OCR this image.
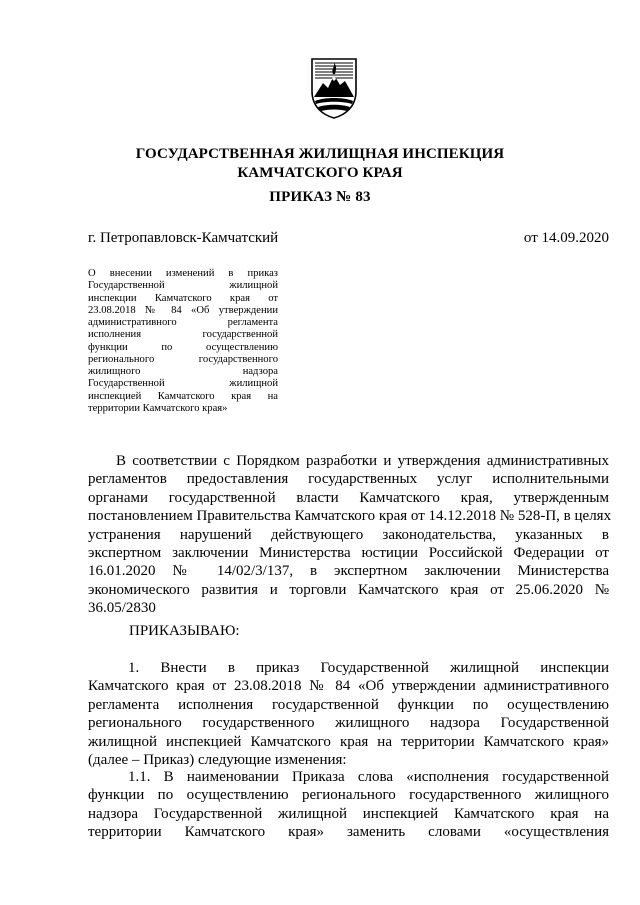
ГОСУДАРСТВЕННАЯ ЖИЛИЩНАЯ ИНСПЕКЦИЯ
КАМЧАТСКОГО КРАЯ
ПРИКАЗ № 83
г. Петропавловск-Камчатский	от 14.09.2020
О внесении изменений в приказ
Государственной жилищной
инспекции Камчатского края от
23.08.2018 № 84 «Об утверждении
административного регламента
исполнения государственной
функции по осуществлению
регионального государственного
жилищного надзора
Государственной жилищной
инспекцией Камчатского края на
территории Камчатского края»
В соответствии с Порядком разработки и утверждения административных
регламентов предоставления государственных услуг исполнительными
органами государственной власти Камчатского края, утвержденным
постановлением Правительства Камчатского края от 14.12.2018 № 528-П, в целях
устранения нарушений действующего законодательства, указанных в
экспертном заключении Министерства юстиции Российской Федерации от
16.01.2020 № 14/02/3/137, в экспертном заключении Министерства
экономического развития и торговли Камчатского края от 25.06.2020 №
36.05/2830
ПРИКАЗЫВАЮ:
1. Внести в приказ Государственной жилищной инспекции
Камчатского края от 23.08.2018 № 84 «Об утверждении административного
регламента исполнения государственной функции по осуществлению
регионального государственного жилищного надзора Государственной
жилищной инспекцией Камчатского края на территории Камчатского края»
(далее – Приказ) следующие изменения:
1.1. В наименовании Приказа слова «исполнения государственной
функции по осуществлению регионального государственного жилищного
надзора Государственной жилищной инспекцией Камчатского края на
территории Камчатского края» заменить словами «осуществления
